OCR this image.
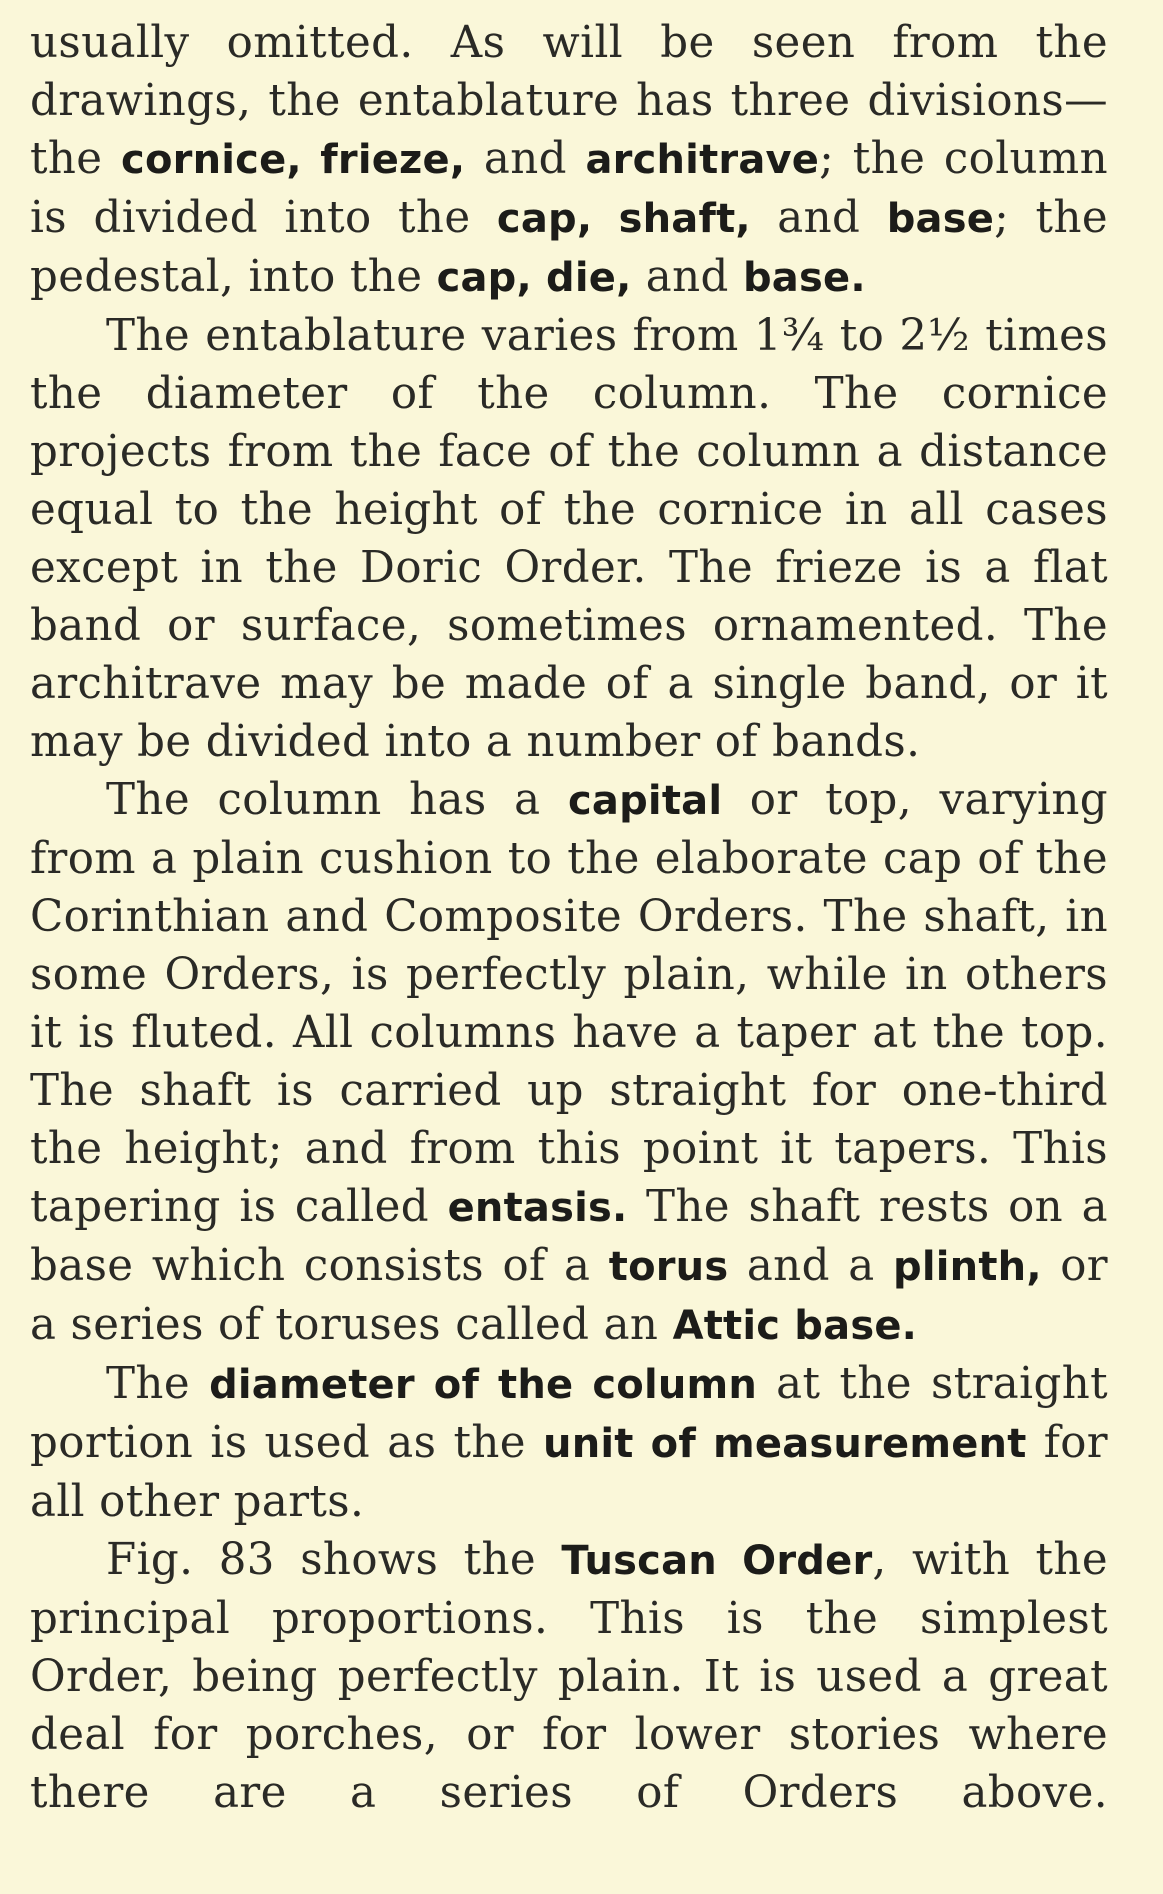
usually omitted. As will be seen from the drawings, the entablature has three divisions— the cornice, frieze, and architrave; the column is divided into the cap, shaft, and base; the pedestal, into the cap, die, and base.

The entablature varies from 1¾ to 2½ times the diameter of the column. The cornice projects from the face of the column a distance equal to the height of the cornice in all cases except in the Doric Order. The frieze is a flat band or surface, sometimes ornamented. The architrave may be made of a single band, or it may be divided into a number of bands.

The column has a capital or top, varying from a plain cushion to the elaborate cap of the Corinthian and Composite Orders. The shaft, in some Orders, is perfectly plain, while in others it is fluted. All columns have a taper at the top. The shaft is carried up straight for one-third the height; and from this point it tapers. This tapering is called entasis. The shaft rests on a base which consists of a torus and a plinth, or a series of toruses called an Attic base.

The diameter of the column at the straight portion is used as the unit of measurement for all other parts.

Fig. 83 shows the Tuscan Order, with the principal proportions. This is the simplest Order, being perfectly plain. It is used a great deal for porches, or for lower stories where there are a series of Orders above.
